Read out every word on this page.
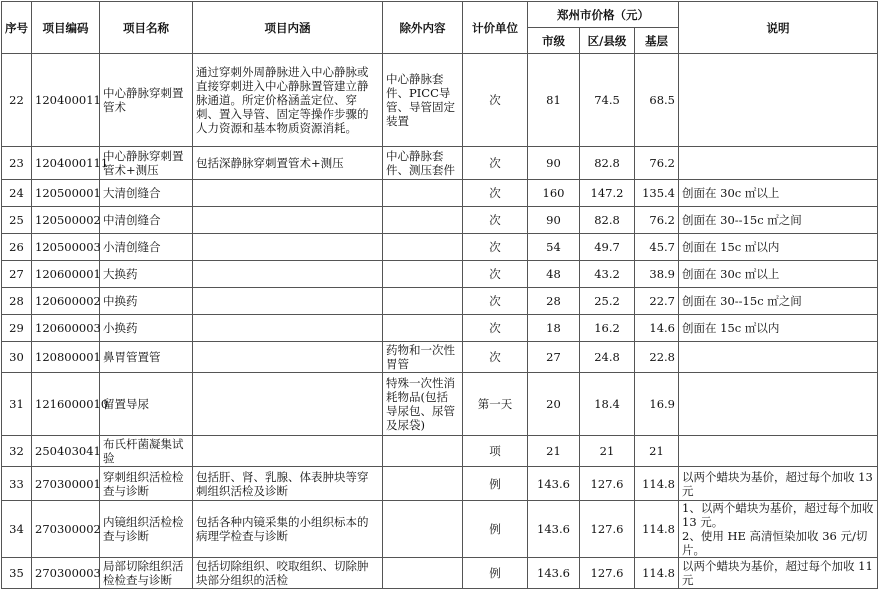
序号	项目编码	项目名称	项目内涵	除外内容	计价单位	郑州市价格（元）			说明
						市级	区/县级	基层	
22	120400011	中心静脉穿刺置管术	通过穿刺外周静脉进入中心静脉或直接穿刺进入中心静脉置管建立静脉通道。所定价格涵盖定位、穿刺、置入导管、固定等操作步骤的人力资源和基本物质资源消耗。	中心静脉套件、PICC导管、导管固定装置	次	81	74.5	68.5	
23	1204000111	中心静脉穿刺置管术+测压	包括深静脉穿刺置管术+测压	中心静脉套件、测压套件	次	90	82.8	76.2	
24	120500001	大清创缝合			次	160	147.2	135.4	创面在 30c ㎡以上
25	120500002	中清创缝合			次	90	82.8	76.2	创面在 30--15c ㎡之间
26	120500003	小清创缝合			次	54	49.7	45.7	创面在 15c ㎡以内
27	120600001	大换药			次	48	43.2	38.9	创面在 30c ㎡以上
28	120600002	中换药			次	28	25.2	22.7	创面在 30--15c ㎡之间
29	120600003	小换药			次	18	16.2	14.6	创面在 15c ㎡以内
30	120800001	鼻胃管置管		药物和一次性胃管	次	27	24.8	22.8	
31	1216000010	留置导尿		特殊一次性消耗物品(包括导尿包、尿管及尿袋)	第一天	20	18.4	16.9	
32	250403041	布氏杆菌凝集试验			项	21	21	21	
33	270300001	穿刺组织活检检查与诊断	包括肝、肾、乳腺、体表肿块等穿刺组织活检及诊断		例	143.6	127.6	114.8	以两个蜡块为基价，超过每个加收 13 元
34	270300002	内镜组织活检检查与诊断	包括各种内镜采集的小组织标本的病理学检查与诊断		例	143.6	127.6	114.8	1、以两个蜡块为基价，超过每个加收 13 元。
2、使用 HE 高清恒染加收 36 元/切片。
35	270300003	局部切除组织活检检查与诊断	包括切除组织、咬取组织、切除肿块部分组织的活检		例	143.6	127.6	114.8	以两个蜡块为基价，超过每个加收 11 元
